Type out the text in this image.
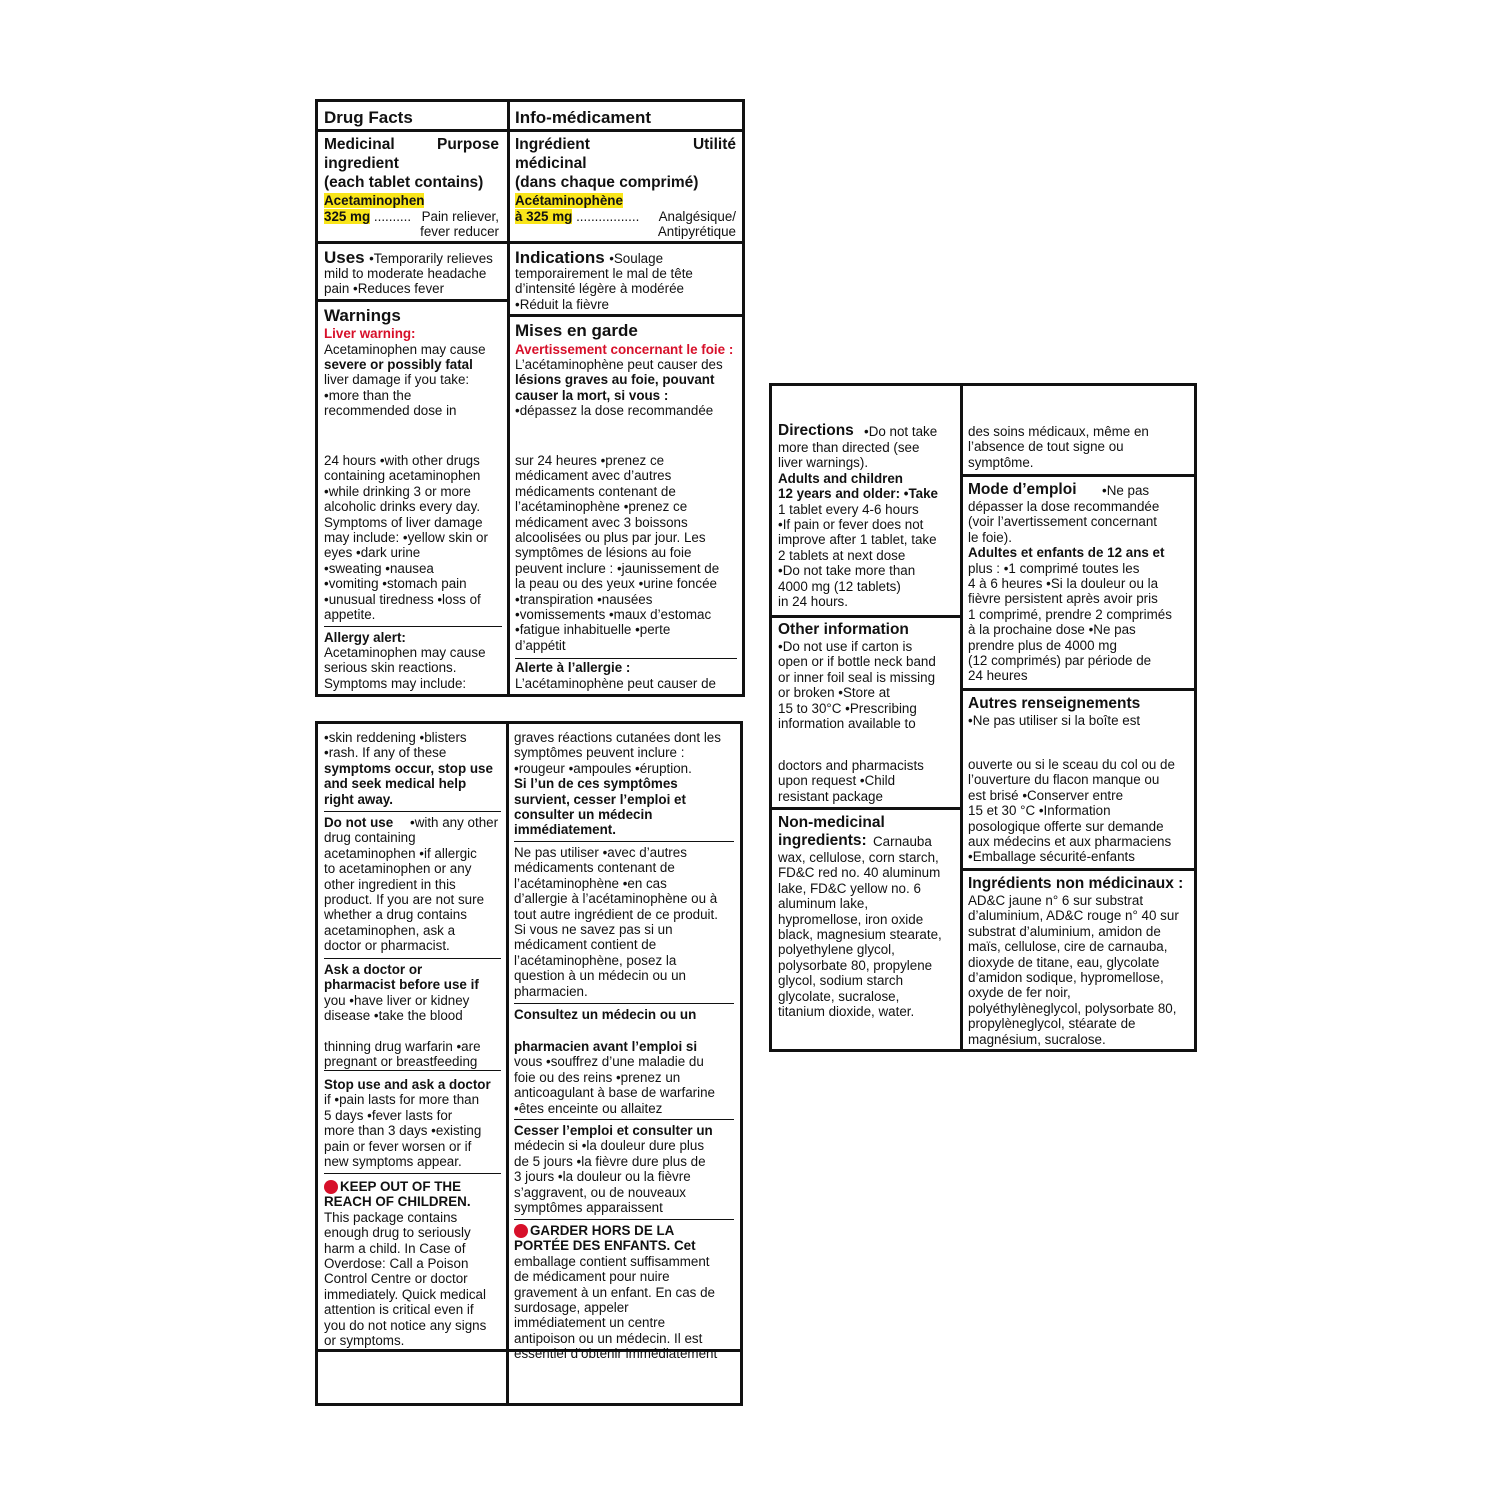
Drug Facts
Medicinal	Purpose
ingredient
(each tablet contains)
Acetaminophen
325 mg .......... Pain reliever,
fever reducer
Uses •Temporarily relieves
mild to moderate headache
pain •Reduces fever
Warnings
Liver warning:
Acetaminophen may cause
severe or possibly fatal
liver damage if you take:
•more than the
recommended dose in
24 hours •with other drugs
containing acetaminophen
•while drinking 3 or more
alcoholic drinks every day.
Symptoms of liver damage
may include: •yellow skin or
eyes •dark urine
•sweating •nausea
•vomiting •stomach pain
•unusual tiredness •loss of
appetite.
Allergy alert:
Acetaminophen may cause
serious skin reactions.
Symptoms may include:
Info-médicament
Ingrédient	Utilité
médicinal
(dans chaque comprimé)
Acétaminophène
à 325 mg ................. Analgésique/
Antipyrétique
Indications •Soulage
temporairement le mal de tête
d’intensité légère à modérée
•Réduit la fièvre
Mises en garde
Avertissement concernant le foie :
L’acétaminophène peut causer des
lésions graves au foie, pouvant
causer la mort, si vous :
•dépassez la dose recommandée
sur 24 heures •prenez ce
médicament avec d’autres
médicaments contenant de
l’acétaminophène •prenez ce
médicament avec 3 boissons
alcoolisées ou plus par jour. Les
symptômes de lésions au foie
peuvent inclure : •jaunissement de
la peau ou des yeux •urine foncée
•transpiration •nausées
•vomissements •maux d’estomac
•fatigue inhabituelle •perte
d’appétit
Alerte à l’allergie :
L’acétaminophène peut causer de
•skin reddening •blisters
•rash. If any of these
symptoms occur, stop use
and seek medical help
right away.
•with any other
drug containing
acetaminophen •if allergic
to acetaminophen or any
other ingredient in this
product. If you are not sure
whether a drug contains
acetaminophen, ask a
doctor or pharmacist.
Do not use
Ask a doctor or
pharmacist before use if
you •have liver or kidney
disease •take the blood
thinning drug warfarin •are
pregnant or breastfeeding
Stop use and ask a doctor
if •pain lasts for more than
5 days •fever lasts for
more than 3 days •existing
pain or fever worsen or if
new symptoms appear.
KEEP OUT OF THE
REACH OF CHILDREN.
This package contains
enough drug to seriously
harm a child. In Case of
Overdose: Call a Poison
Control Centre or doctor
immediately. Quick medical
attention is critical even if
you do not notice any signs
or symptoms.
graves réactions cutanées dont les
symptômes peuvent inclure :
•rougeur •ampoules •éruption.
Si l’un de ces symptômes
survient, cesser l’emploi et
consulter un médecin
immédiatement.
Ne pas utiliser •avec d’autres
médicaments contenant de
l’acétaminophène •en cas
d’allergie à l’acétaminophène ou à
tout autre ingrédient de ce produit.
Si vous ne savez pas si un
médicament contient de
l’acétaminophène, posez la
question à un médecin ou un
pharmacien.
Consultez un médecin ou un
pharmacien avant l’emploi si
vous •souffrez d’une maladie du
foie ou des reins •prenez un
anticoagulant à base de warfarine
•êtes enceinte ou allaitez
Cesser l’emploi et consulter un
médecin si •la douleur dure plus
de 5 jours •la fièvre dure plus de
3 jours •la douleur ou la fièvre
s’aggravent, ou de nouveaux
symptômes apparaissent
GARDER HORS DE LA
PORTÉE DES ENFANTS. Cet
emballage contient suffisamment
de médicament pour nuire
gravement à un enfant. En cas de
surdosage, appeler
immédiatement un centre
antipoison ou un médecin. Il est
essentiel d’obtenir immédiatement
Directions •Do not take
more than directed (see
liver warnings).
Adults and children
12 years and older: •Take
1 tablet every 4-6 hours
•If pain or fever does not
improve after 1 tablet, take
2 tablets at next dose
•Do not take more than
4000 mg (12 tablets)
in 24 hours.
Other information
•Do not use if carton is
open or if bottle neck band
or inner foil seal is missing
or broken •Store at
15 to 30°C •Prescribing
information available to
doctors and pharmacists
upon request •Child
resistant package
Non-medicinal
ingredients: Carnauba
wax, cellulose, corn starch,
FD&C red no. 40 aluminum
lake, FD&C yellow no. 6
aluminum lake,
hypromellose, iron oxide
black, magnesium stearate,
polyethylene glycol,
polysorbate 80, propylene
glycol, sodium starch
glycolate, sucralose,
titanium dioxide, water.
des soins médicaux, même en
l’absence de tout signe ou
symptôme.
Mode d’emploi •Ne pas
dépasser la dose recommandée
(voir l’avertissement concernant
le foie).
Adultes et enfants de 12 ans et
plus : •1 comprimé toutes les
4 à 6 heures •Si la douleur ou la
fièvre persistent après avoir pris
1 comprimé, prendre 2 comprimés
à la prochaine dose •Ne pas
prendre plus de 4000 mg
(12 comprimés) par période de
24 heures
Autres renseignements
•Ne pas utiliser si la boîte est
ouverte ou si le sceau du col ou de
l’ouverture du flacon manque ou
est brisé •Conserver entre
15 et 30 °C •Information
posologique offerte sur demande
aux médecins et aux pharmaciens
•Emballage sécurité-enfants
Ingrédients non médicinaux :
AD&C jaune n° 6 sur substrat
d’aluminium, AD&C rouge n° 40 sur
substrat d’aluminium, amidon de
maïs, cellulose, cire de carnauba,
dioxyde de titane, eau, glycolate
d’amidon sodique, hypromellose,
oxyde de fer noir,
polyéthylèneglycol, polysorbate 80,
propylèneglycol, stéarate de
magnésium, sucralose.
